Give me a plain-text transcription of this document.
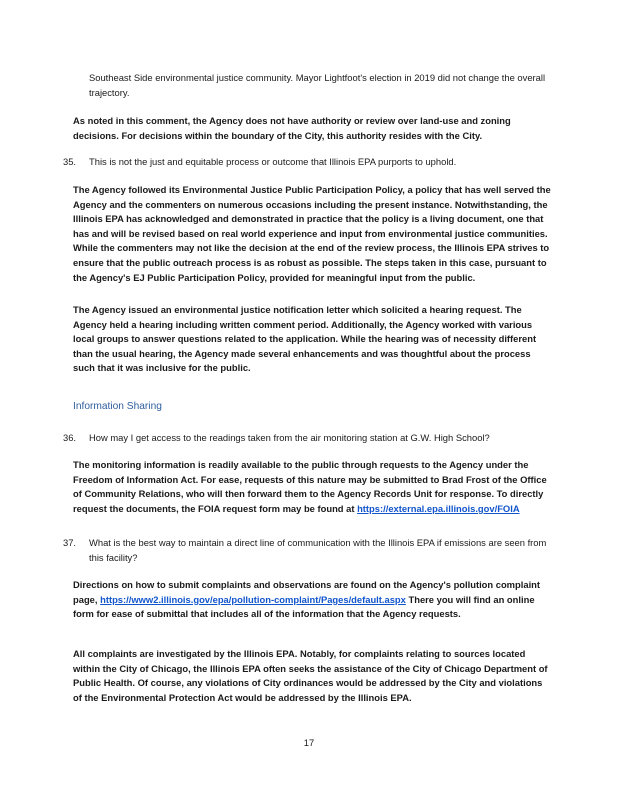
Southeast Side environmental justice community. Mayor Lightfoot's election in 2019 did not change the overall trajectory.

As noted in this comment, the Agency does not have authority or review over land-use and zoning decisions. For decisions within the boundary of the City, this authority resides with the City.

35. This is not the just and equitable process or outcome that Illinois EPA purports to uphold.

The Agency followed its Environmental Justice Public Participation Policy, a policy that has well served the Agency and the commenters on numerous occasions including the present instance. Notwithstanding, the Illinois EPA has acknowledged and demonstrated in practice that the policy is a living document, one that has and will be revised based on real world experience and input from environmental justice communities. While the commenters may not like the decision at the end of the review process, the Illinois EPA strives to ensure that the public outreach process is as robust as possible. The steps taken in this case, pursuant to the Agency's EJ Public Participation Policy, provided for meaningful input from the public.

The Agency issued an environmental justice notification letter which solicited a hearing request. The Agency held a hearing including written comment period. Additionally, the Agency worked with various local groups to answer questions related to the application. While the hearing was of necessity different than the usual hearing, the Agency made several enhancements and was thoughtful about the process such that it was inclusive for the public.

Information Sharing

36. How may I get access to the readings taken from the air monitoring station at G.W. High School?

The monitoring information is readily available to the public through requests to the Agency under the Freedom of Information Act. For ease, requests of this nature may be submitted to Brad Frost of the Office of Community Relations, who will then forward them to the Agency Records Unit for response. To directly request the documents, the FOIA request form may be found at https://external.epa.illinois.gov/FOIA

37. What is the best way to maintain a direct line of communication with the Illinois EPA if emissions are seen from this facility?

Directions on how to submit complaints and observations are found on the Agency's pollution complaint page, https://www2.illinois.gov/epa/pollution-complaint/Pages/default.aspx There you will find an online form for ease of submittal that includes all of the information that the Agency requests.

All complaints are investigated by the Illinois EPA. Notably, for complaints relating to sources located within the City of Chicago, the Illinois EPA often seeks the assistance of the City of Chicago Department of Public Health. Of course, any violations of City ordinances would be addressed by the City and violations of the Environmental Protection Act would be addressed by the Illinois EPA.

17
